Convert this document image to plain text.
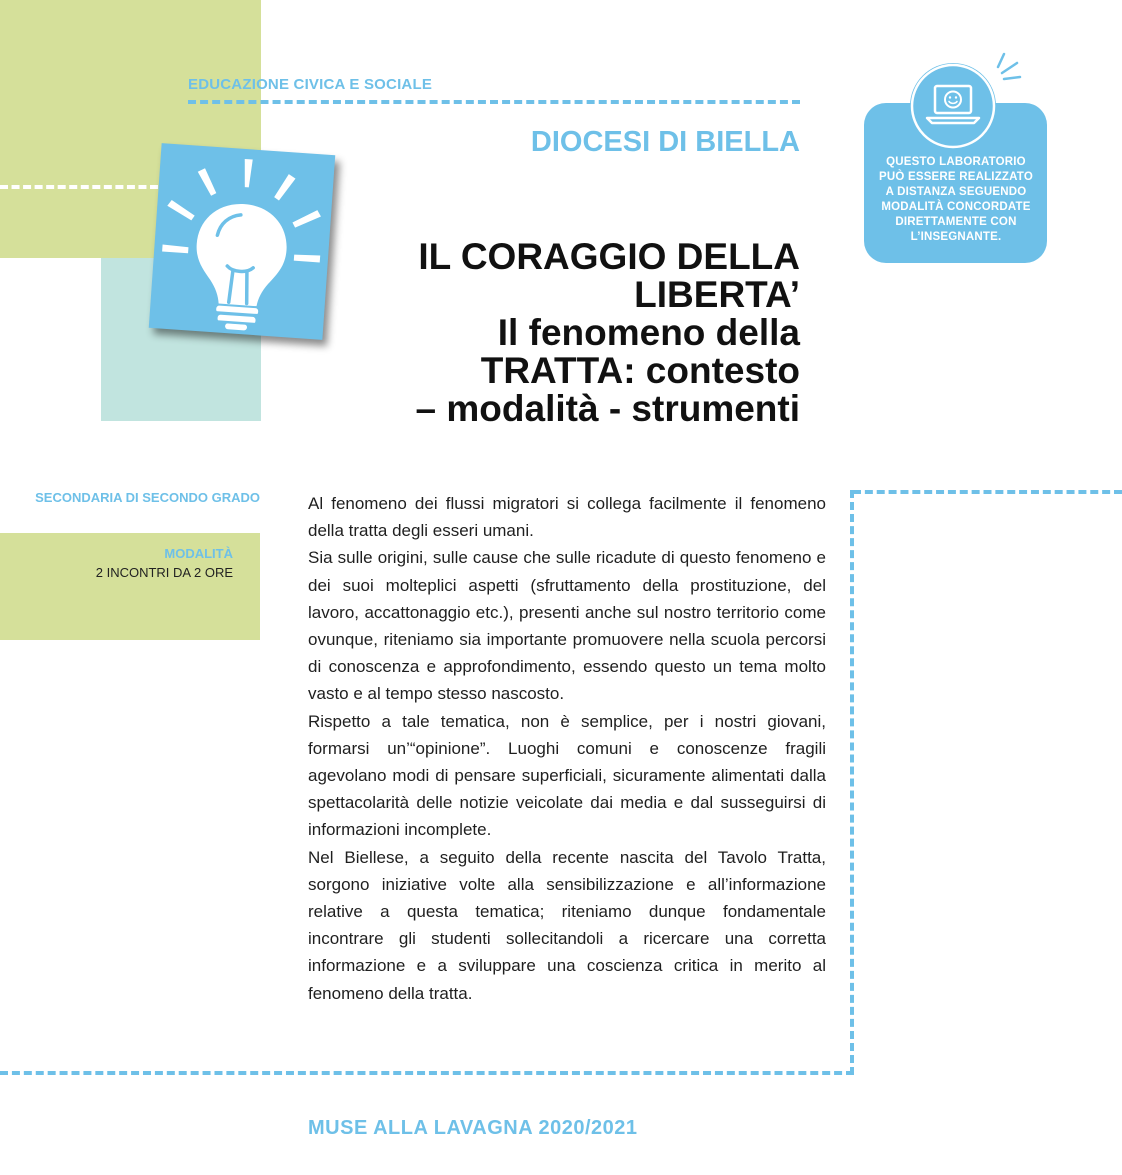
EDUCAZIONE CIVICA E SOCIALE
DIOCESI DI BIELLA
IL CORAGGIO DELLA
LIBERTA’
Il fenomeno della
TRATTA: contesto
– modalità - strumenti
QUESTO LABORATORIO
PUÒ ESSERE REALIZZATO
A DISTANZA SEGUENDO
MODALITÀ CONCORDATE
DIRETTAMENTE CON
L’INSEGNANTE.
SECONDARIA DI SECONDO GRADO
MODALITÀ
2 INCONTRI DA 2 ORE

Al fenomeno dei flussi migratori si collega facilmente il fenomeno della tratta degli esseri umani.

Sia sulle origini, sulle cause che sulle ricadute di questo fenomeno e dei suoi molteplici aspetti (sfruttamento della prostituzione, del lavoro, accattonaggio etc.), presenti anche sul nostro territorio come ovunque, riteniamo sia importante promuovere nella scuola percorsi di conoscenza e approfondimento, essendo questo un tema molto vasto e al tempo stesso nascosto.

Rispetto a tale tematica, non è semplice, per i nostri giovani, formarsi un’“opinione”. Luoghi comuni e conoscenze fragili agevolano modi di pensare superficiali, sicuramente alimentati dalla spettacolarità delle notizie veicolate dai media e dal susseguirsi di informazioni incomplete.

Nel Biellese, a seguito della recente nascita del Tavolo Tratta, sorgono iniziative volte alla sensibilizzazione e all’informazione relative a questa tematica; riteniamo dunque fondamentale incontrare gli studenti sollecitandoli a ricercare una corretta informazione e a sviluppare una coscienza critica in merito al fenomeno della tratta.

MUSE ALLA LAVAGNA 2020/2021
